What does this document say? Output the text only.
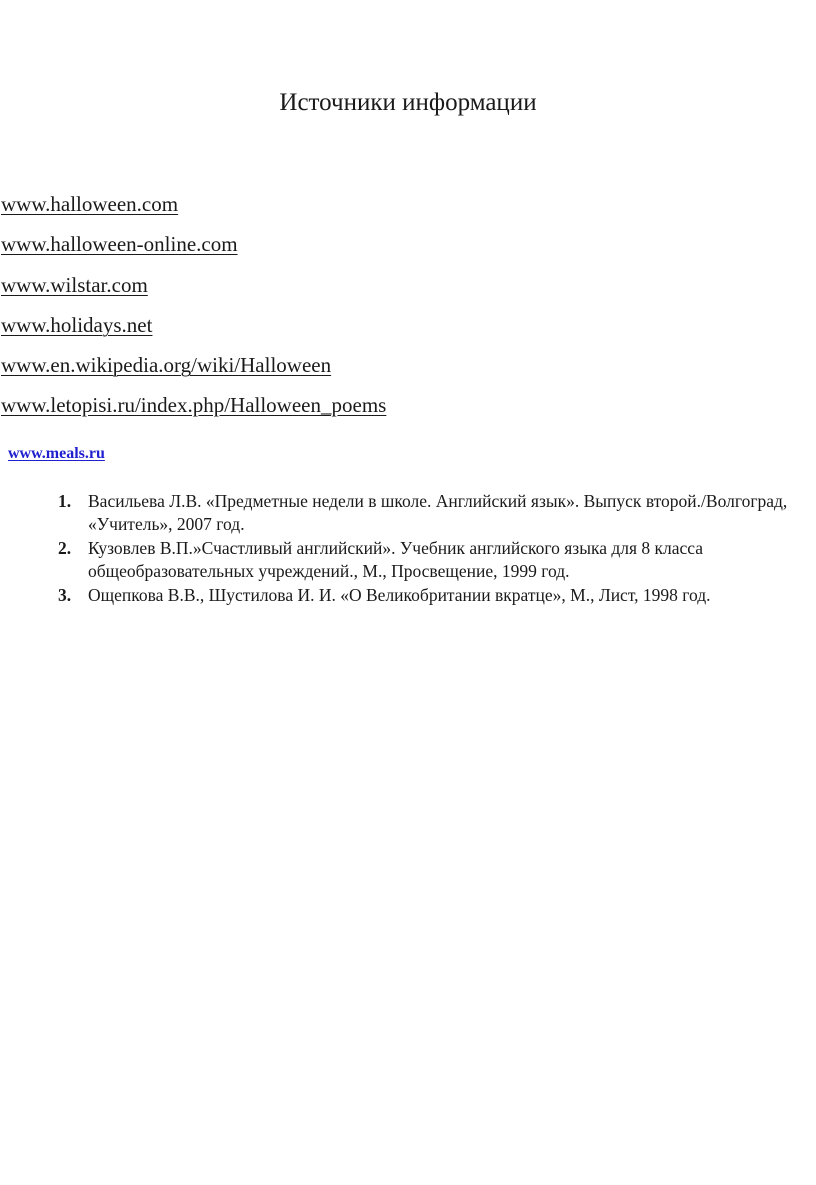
Источники информации
www.halloween.com
www.halloween-online.com
www.wilstar.com
www.holidays.net
www.en.wikipedia.org/wiki/Halloween
www.letopisi.ru/index.php/Halloween_poems
www.meals.ru
1. Васильева Л.В. «Предметные недели в школе. Английский язык». Выпуск второй./Волгоград, «Учитель», 2007 год.
2. Кузовлев В.П.»Счастливый английский». Учебник английского языка для 8 класса общеобразовательных учреждений., М., Просвещение, 1999 год.
3. Ощепкова В.В., Шустилова И. И. «О Великобритании вкратце», М., Лист, 1998 год.
